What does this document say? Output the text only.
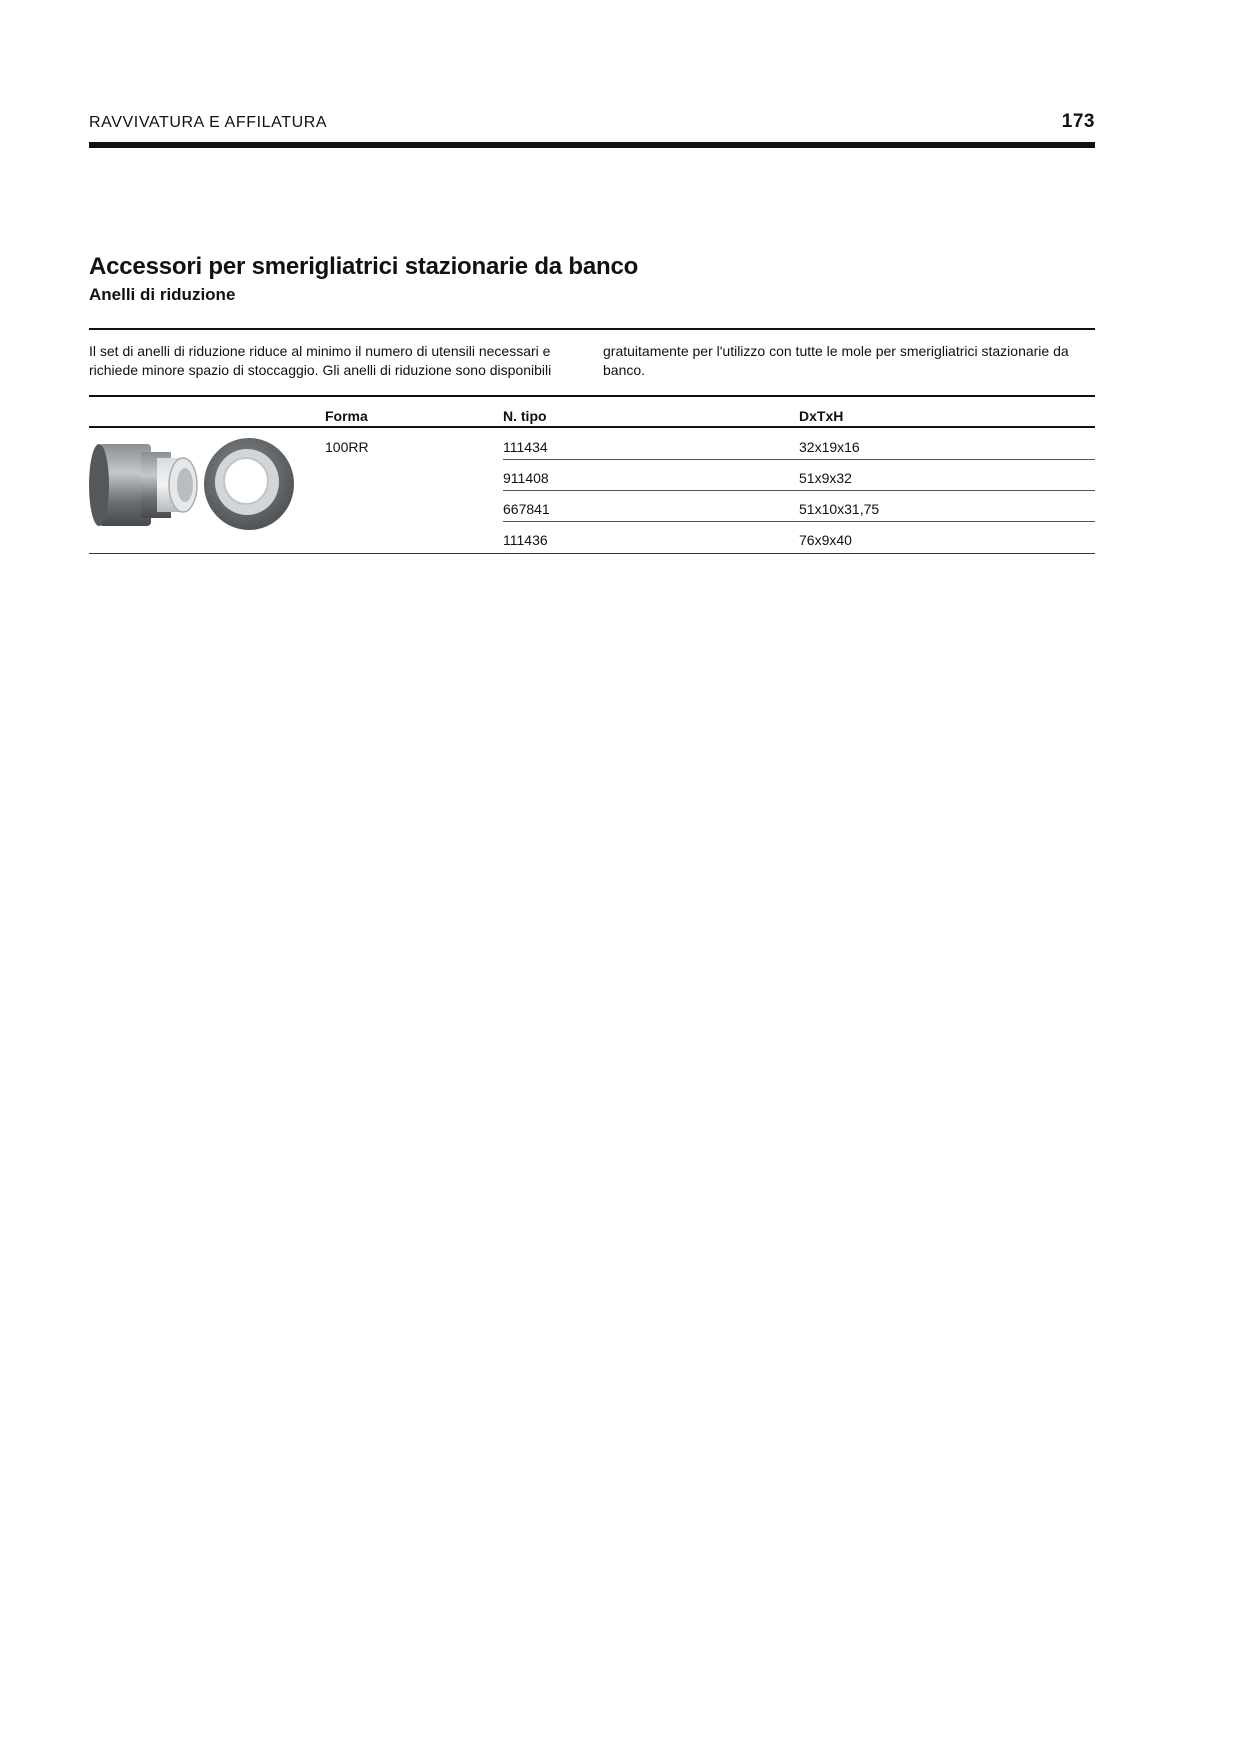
RAVVIVATURA E AFFILATURA	173
Accessori per smerigliatrici stazionarie da banco
Anelli di riduzione
Il set di anelli di riduzione riduce al minimo il numero di utensili necessari e richiede minore spazio di stoccaggio. Gli anelli di riduzione sono disponibili
gratuitamente per l'utilizzo con tutte le mole per smerigliatrici stazionarie da banco.
Forma	N. tipo	DxTxH
100RR	111434	32x19x16
911408	51x9x32
667841	51x10x31,75
111436	76x9x40
